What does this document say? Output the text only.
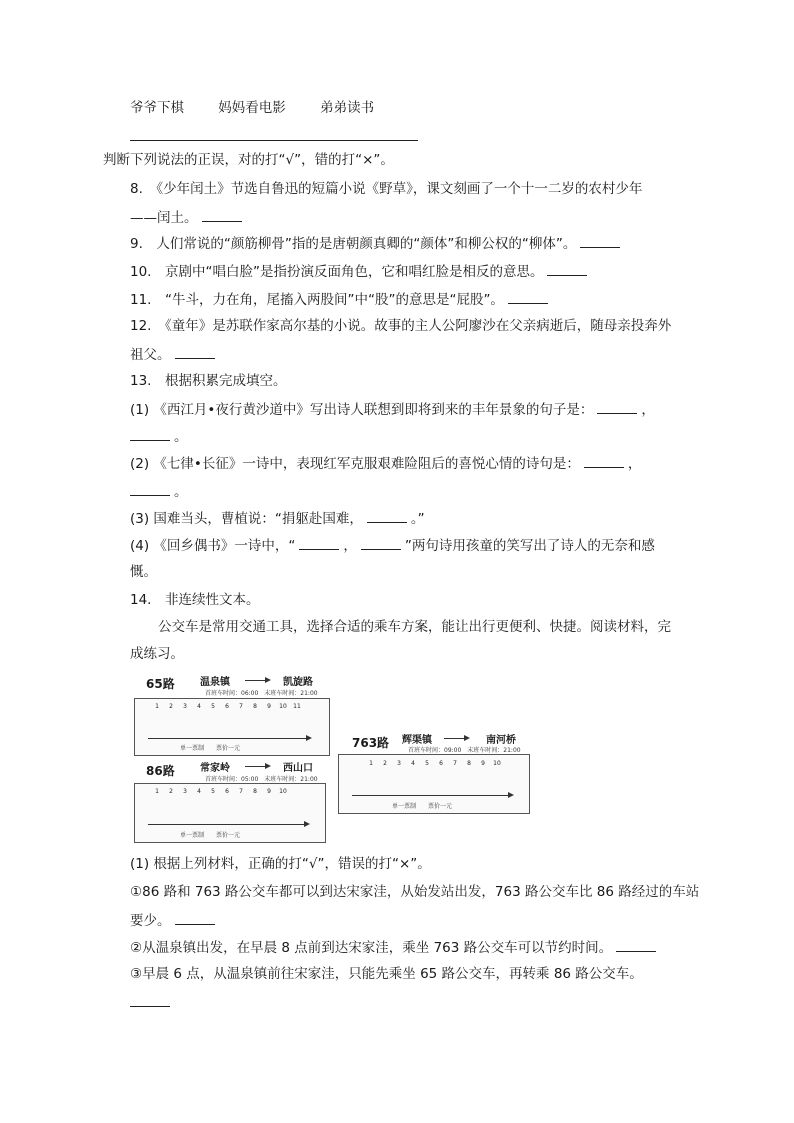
爷爷下棋	妈妈看电影	弟弟读书
判断下列说法的正误，对的打“√”，错的打“×”。
8.　《少年闰土》节选自鲁迅的短篇小说《野草》，课文刻画了一个十一二岁的农村少年
——闰土。
9.　人们常说的“颜筋柳骨”指的是唐朝颜真卿的“颜体”和柳公权的“柳体”。
10.　京剧中“唱白脸”是指扮演反面角色，它和唱红脸是相反的意思。
11.　“牛斗，力在角，尾搐入两股间”中“股”的意思是“屁股”。
12.　《童年》是苏联作家高尔基的小说。故事的主人公阿廖沙在父亲病逝后，随母亲投奔外
祖父。
13.　根据积累完成填空。
(1) 《西江月•夜行黄沙道中》写出诗人联想到即将到来的丰年景象的句子是：	，
。
(2) 《七律•长征》一诗中，表现红军克服艰难险阻后的喜悦心情的诗句是：	，
。
(3) 国难当头，曹植说：“捐躯赴国难，	。”
(4) 《回乡偶书》一诗中，“	，	”两句诗用孩童的笑写出了诗人的无奈和感
慨。
14.　非连续性文本。
公交车是常用交通工具，选择合适的乘车方案，能让出行更便利、快捷。阅读材料，完
成练习。
65路	温泉镇	凯旋路
首班车时间：06:00　末班车时间：21:00
1	2	3	4	5	6	7	8	9	10	11
单一票制　　票价一元	763路 辉渠镇	南河桥
首班车时间：09:00　末班车时间：21:00
1	2	3	4	5	6	7	8	9	10
单一票制　　票价一元
86路	常家岭	西山口
首班车时间：05:00　末班车时间：21:00
1	2	3	4	5	6	7	8	9	10
单一票制　　票价一元
(1) 根据上列材料，正确的打“√”，错误的打“×”。
①86 路和 763 路公交车都可以到达宋家洼，从始发站出发，763 路公交车比 86 路经过的车站
要少。
②从温泉镇出发，在早晨 8 点前到达宋家洼，乘坐 763 路公交车可以节约时间。
③早晨 6 点，从温泉镇前往宋家洼，只能先乘坐 65 路公交车，再转乘 86 路公交车。
